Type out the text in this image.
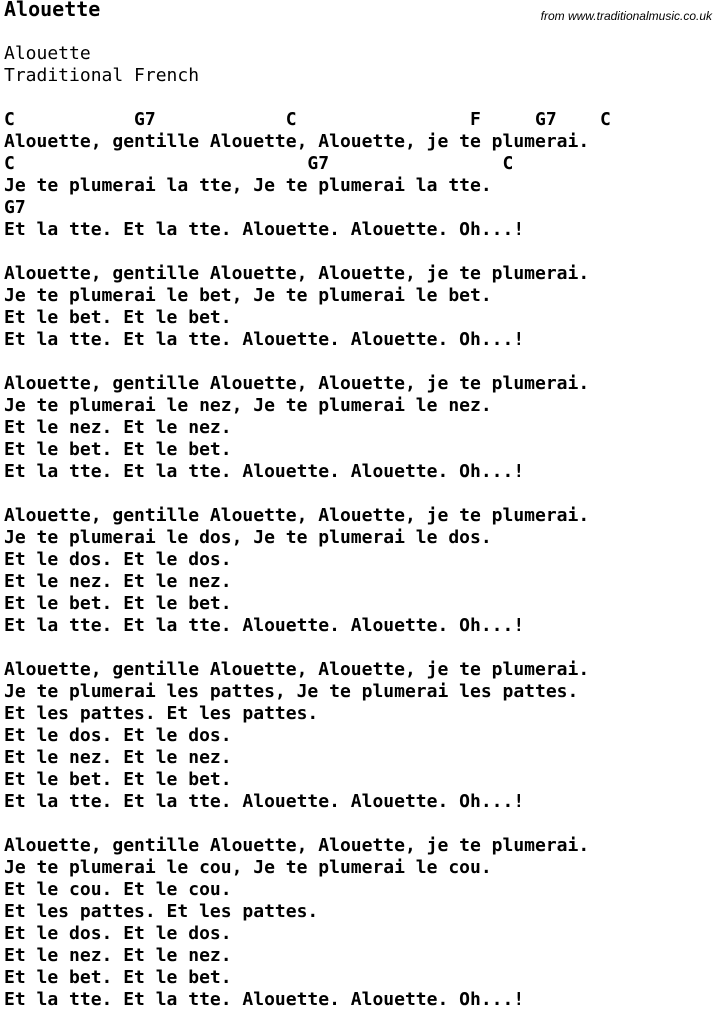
Alouette	from www.traditionalmusic.co.uk
Alouette
Traditional French
C           G7            C                F     G7    C
Alouette, gentille Alouette, Alouette, je te plumerai.
C                           G7                C
Je te plumerai la tte, Je te plumerai la tte.
G7
Et la tte. Et la tte. Alouette. Alouette. Oh...!
Alouette, gentille Alouette, Alouette, je te plumerai.
Je te plumerai le bet, Je te plumerai le bet.
Et le bet. Et le bet.
Et la tte. Et la tte. Alouette. Alouette. Oh...!
Alouette, gentille Alouette, Alouette, je te plumerai.
Je te plumerai le nez, Je te plumerai le nez.
Et le nez. Et le nez.
Et le bet. Et le bet.
Et la tte. Et la tte. Alouette. Alouette. Oh...!
Alouette, gentille Alouette, Alouette, je te plumerai.
Je te plumerai le dos, Je te plumerai le dos.
Et le dos. Et le dos.
Et le nez. Et le nez.
Et le bet. Et le bet.
Et la tte. Et la tte. Alouette. Alouette. Oh...!
Alouette, gentille Alouette, Alouette, je te plumerai.
Je te plumerai les pattes, Je te plumerai les pattes.
Et les pattes. Et les pattes.
Et le dos. Et le dos.
Et le nez. Et le nez.
Et le bet. Et le bet.
Et la tte. Et la tte. Alouette. Alouette. Oh...!
Alouette, gentille Alouette, Alouette, je te plumerai.
Je te plumerai le cou, Je te plumerai le cou.
Et le cou. Et le cou.
Et les pattes. Et les pattes.
Et le dos. Et le dos.
Et le nez. Et le nez.
Et le bet. Et le bet.
Et la tte. Et la tte. Alouette. Alouette. Oh...!
